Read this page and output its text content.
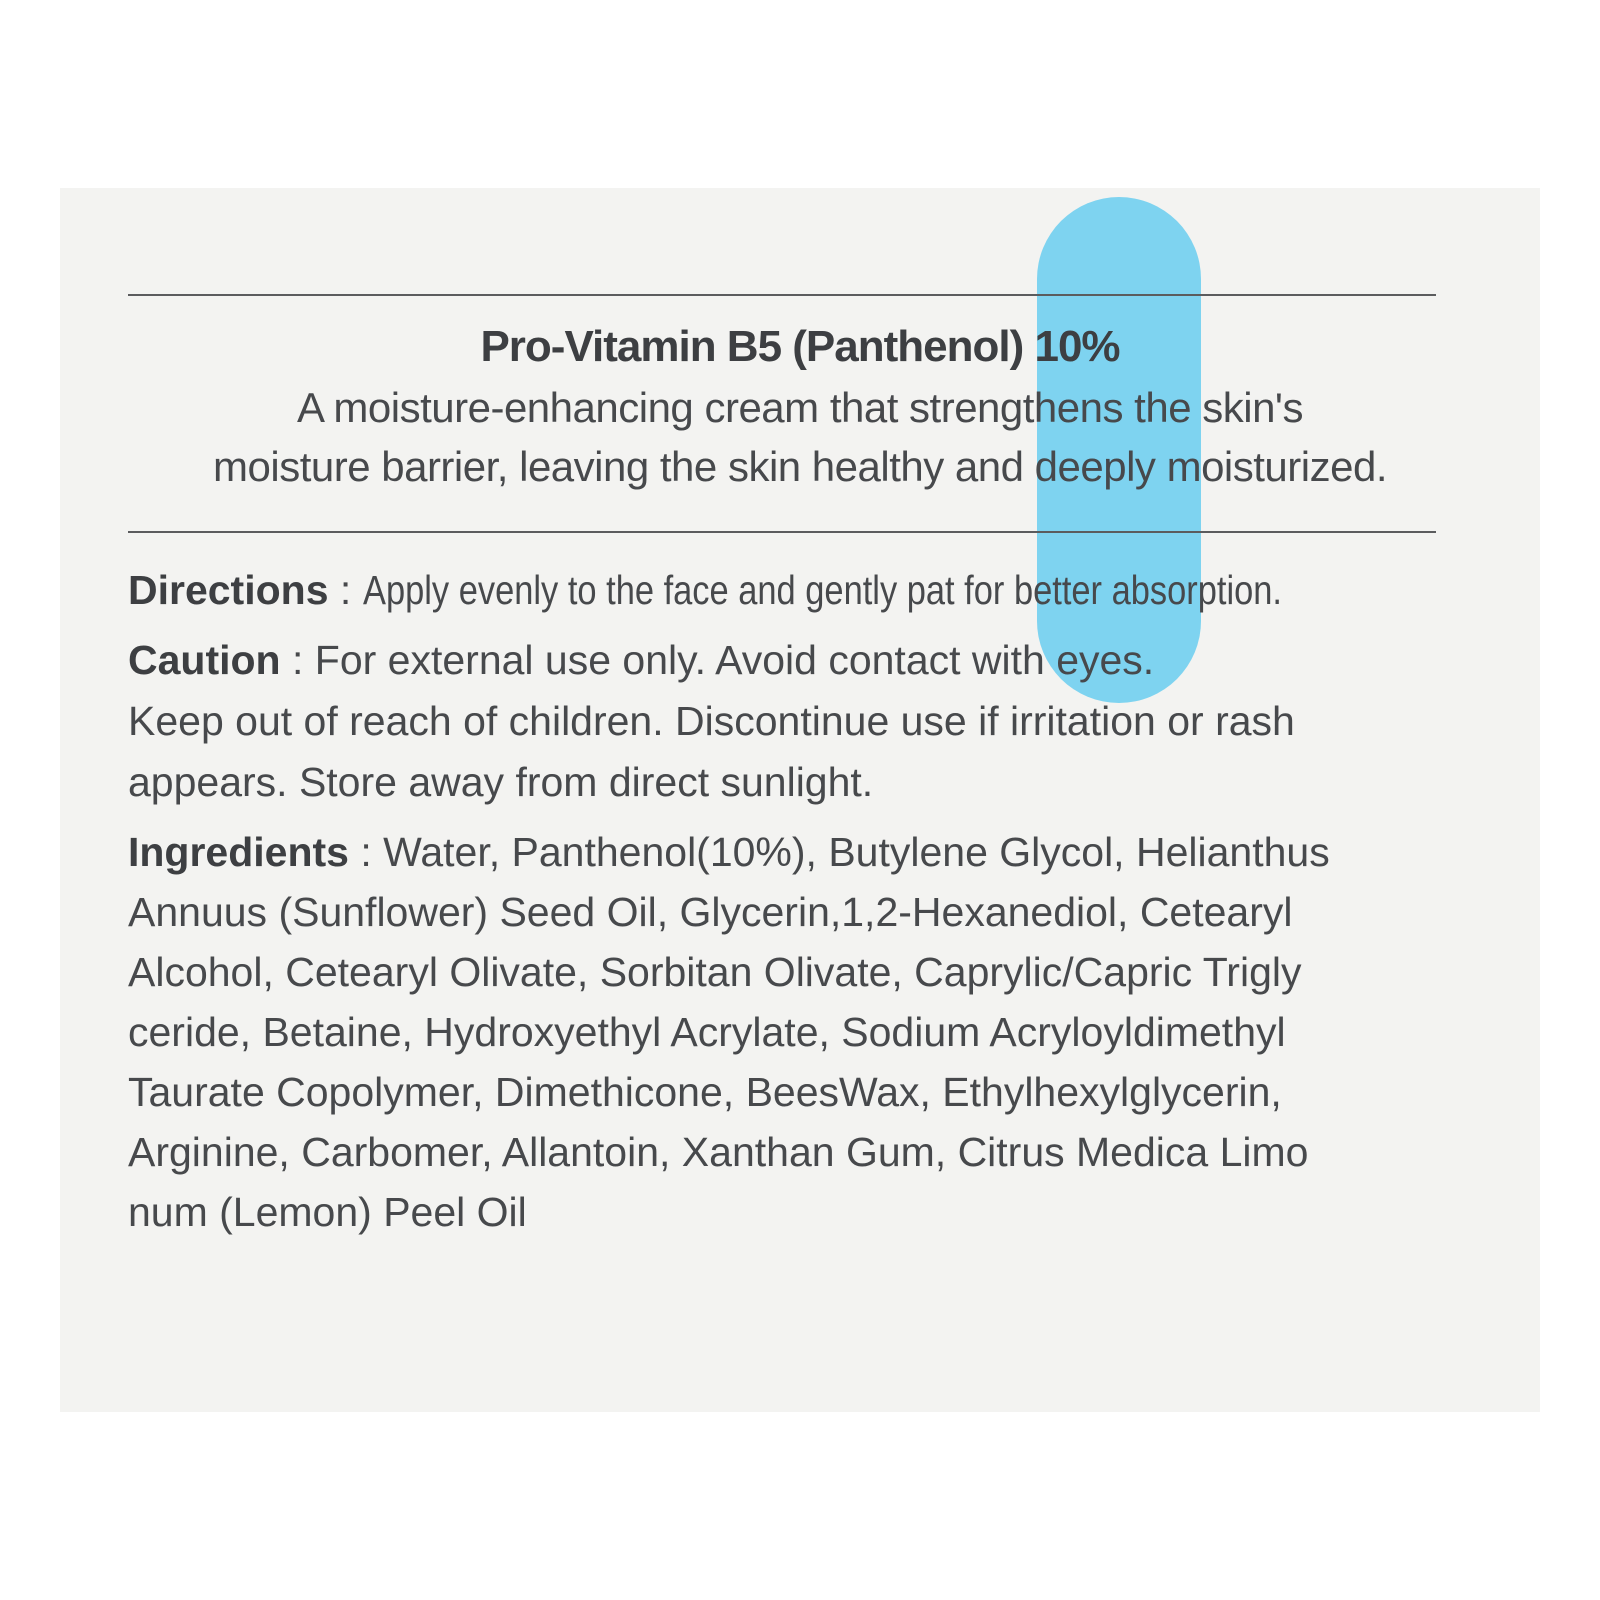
Pro-Vitamin B5 (Panthenol) 10%
A moisture-enhancing cream that strengthens the skin's
moisture barrier, leaving the skin healthy and deeply moisturized.
Directions : Apply evenly to the face and gently pat for better absorption.
Caution : For external use only. Avoid contact with eyes.
Keep out of reach of children. Discontinue use if irritation or rash
appears. Store away from direct sunlight.
Ingredients : Water, Panthenol(10%), Butylene Glycol, Helianthus
Annuus (Sunflower) Seed Oil, Glycerin,1,2-Hexanediol, Cetearyl
Alcohol, Cetearyl Olivate, Sorbitan Olivate, Caprylic/Capric Trigly
ceride, Betaine, Hydroxyethyl Acrylate, Sodium Acryloyldimethyl
Taurate Copolymer, Dimethicone, BeesWax, Ethylhexylglycerin,
Arginine, Carbomer, Allantoin, Xanthan Gum, Citrus Medica Limo
num (Lemon) Peel Oil
